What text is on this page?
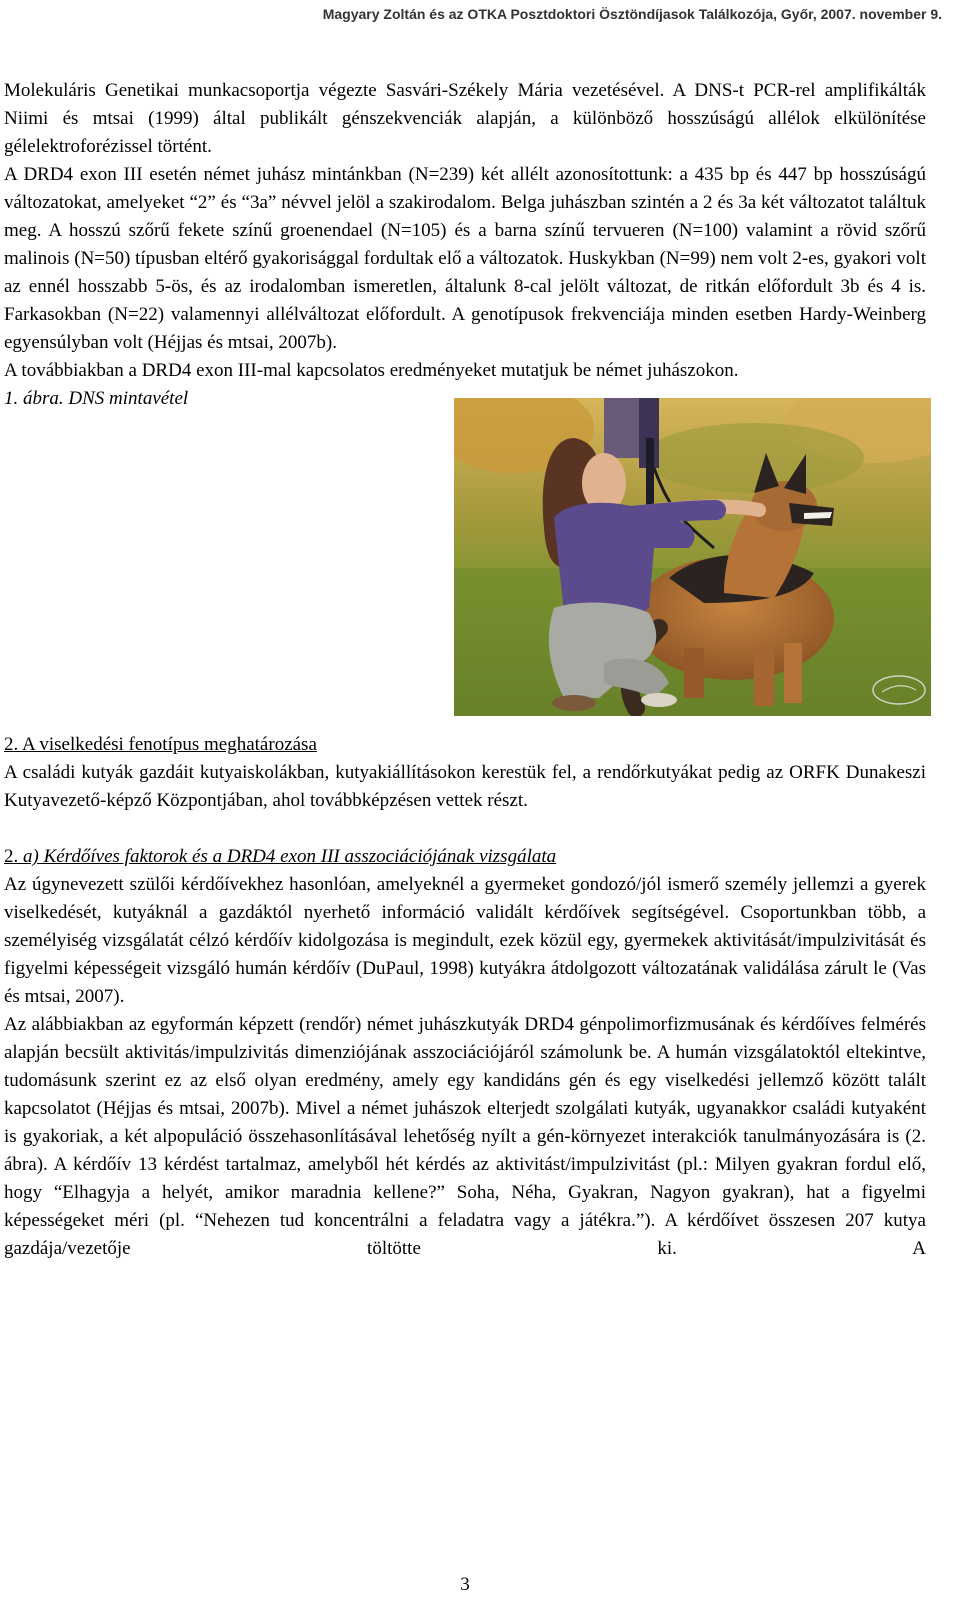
Magyary Zoltán és az OTKA Posztdoktori Ösztöndíjasok Találkozója, Győr, 2007. november 9.

Molekuláris Genetikai munkacsoportja végezte Sasvári-Székely Mária vezetésével. A DNS-t PCR-rel amplifikálták Niimi és mtsai (1999) által publikált génszekvenciák alapján, a különböző hosszúságú allélok elkülönítése gélelektroforézissel történt.

A DRD4 exon III esetén német juhász mintánkban (N=239) két allélt azonosítottunk: a 435 bp és 447 bp hosszúságú változatokat, amelyeket “2” és “3a” névvel jelöl a szakirodalom. Belga juhászban szintén a 2 és 3a két változatot találtuk meg. A hosszú szőrű fekete színű groenendael (N=105) és a barna színű tervueren (N=100) valamint a rövid szőrű malinois (N=50) típusban eltérő gyakorisággal fordultak elő a változatok. Huskykban (N=99) nem volt 2-es, gyakori volt az ennél hosszabb 5-ös, és az irodalomban ismeretlen, általunk 8-cal jelölt változat, de ritkán előfordult 3b és 4 is. Farkasokban (N=22) valamennyi allélváltozat előfordult. A genotípusok frekvenciája minden esetben Hardy-Weinberg egyensúlyban volt (Héjjas és mtsai, 2007b).

A továbbiakban a DRD4 exon III-mal kapcsolatos eredményeket mutatjuk be német juhászokon.

1. ábra. DNS mintavétel

2. A viselkedési fenotípus meghatározása

A családi kutyák gazdáit kutyaiskolákban, kutyakiállításokon kerestük fel, a rendőrkutyákat pedig az ORFK Dunakeszi Kutyavezető-képző Központjában, ahol továbbképzésen vettek részt.

2. a) Kérdőíves faktorok és a DRD4 exon III asszociációjának vizsgálata

Az úgynevezett szülői kérdőívekhez hasonlóan, amelyeknél a gyermeket gondozó/jól ismerő személy jellemzi a gyerek viselkedését, kutyáknál a gazdáktól nyerhető információ validált kérdőívek segítségével. Csoportunkban több, a személyiség vizsgálatát célzó kérdőív kidolgozása is megindult, ezek közül egy, gyermekek aktivitását/impulzivitását és figyelmi képességeit vizsgáló humán kérdőív (DuPaul, 1998) kutyákra átdolgozott változatának validálása zárult le (Vas és mtsai, 2007).

Az alábbiakban az egyformán képzett (rendőr) német juhászkutyák DRD4 génpolimorfizmusának és kérdőíves felmérés alapján becsült aktivitás/impulzivitás dimenziójának asszociációjáról számolunk be. A humán vizsgálatoktól eltekintve, tudomásunk szerint ez az első olyan eredmény, amely egy kandidáns gén és egy viselkedési jellemző között talált kapcsolatot (Héjjas és mtsai, 2007b). Mivel a német juhászok elterjedt szolgálati kutyák, ugyanakkor családi kutyaként is gyakoriak, a két alpopuláció összehasonlításával lehetőség nyílt a gén-környezet interakciók tanulmányozására is (2. ábra). A kérdőív 13 kérdést tartalmaz, amelyből hét kérdés az aktivitást/impulzivitást (pl.: Milyen gyakran fordul elő, hogy “Elhagyja a helyét, amikor maradnia kellene?” Soha, Néha, Gyakran, Nagyon gyakran), hat a figyelmi képességeket méri (pl. “Nehezen tud koncentrálni a feladatra vagy a játékra.”). A kérdőívet összesen 207 kutya gazdája/vezetője töltötte ki. A

3
